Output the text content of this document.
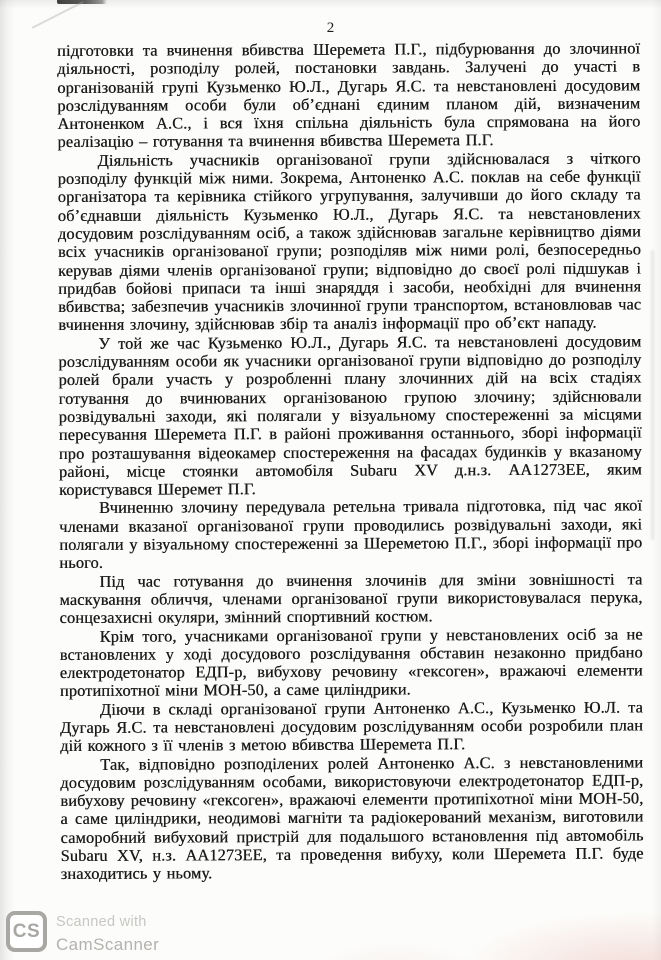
2
CS	Scanned with
CamScanner

підготовки та вчинення вбивства Шеремета П.Г., підбурювання до злочинної діяльності, розподілу ролей, постановки завдань. Залучені до участі в організованій групі Кузьменко Ю.Л., Дугарь Я.С. та невстановлені досудовим розслідуванням особи були об’єднані єдиним планом дій, визначеним Антоненком А.С., і вся їхня спільна діяльність була спрямована на його реалізацію – готування та вчинення вбивства Шеремета П.Г.

Діяльність учасників організованої групи здійснювалася з чіткого розподілу функцій між ними. Зокрема, Антоненко А.С. поклав на себе функції організатора та керівника стійкого угрупування, залучивши до його складу та об’єднавши діяльність Кузьменко Ю.Л., Дугарь Я.С. та невстановлених досудовим розслідуванням осіб, а також здійснював загальне керівництво діями всіх учасників організованої групи; розподіляв між ними ролі, безпосередньо керував діями членів організованої групи; відповідно до своєї ролі підшукав і придбав бойові припаси та інші знаряддя і засоби, необхідні для вчинення вбивства; забезпечив учасників злочинної групи транспортом, встановлював час вчинення злочину, здійснював збір та аналіз інформації про об’єкт нападу.

У той же час Кузьменко Ю.Л., Дугарь Я.С. та невстановлені досудовим розслідуванням особи як учасники організованої групи відповідно до розподілу ролей брали участь у розробленні плану злочинних дій на всіх стадіях готування до вчинюваних організованою групою злочину; здійснювали розвідувальні заходи, які полягали у візуальному спостереженні за місцями пересування Шеремета П.Г. в районі проживання останнього, зборі інформації про розташування відеокамер спостереження на фасадах будинків у вказаному районі, місце стоянки автомобіля Subaru XV д.н.з. АА1273ЕЕ, яким користувався Шеремет П.Г.

Вчиненню злочину передувала ретельна тривала підготовка, під час якої членами вказаної організованої групи проводились розвідувальні заходи, які полягали у візуальному спостереженні за Шереметою П.Г., зборі інформації про нього.

Під час готування до вчинення злочинів для зміни зовнішності та маскування обличчя, членами організованої групи використовувалася перука, сонцезахисні окуляри, змінний спортивний костюм.

Крім того, учасниками організованої групи у невстановлених осіб за не встановлених у ході досудового розслідування обставин незаконно придбано електродетонатор ЕДП-р, вибухову речовину «гексоген», вражаючі елементи протипіхотної міни МОН-50, а саме циліндрики.

Діючи в складі організованої групи Антоненко А.С., Кузьменко Ю.Л. та Дугарь Я.С. та невстановлені досудовим розслідуванням особи розробили план дій кожного з її членів з метою вбивства Шеремета П.Г.

Так, відповідно розподілених ролей Антоненко А.С. з невстановленими досудовим розслідуванням особами, використовуючи електродетонатор ЕДП-р, вибухову речовину «гексоген», вражаючі елементи протипіхотної міни МОН-50, а саме циліндрики, неодимові магніти та радіокерований механізм, виготовили саморобний вибуховий пристрій для подальшого встановлення під автомобіль Subaru XV, н.з. АА1273ЕЕ, та проведення вибуху, коли Шеремета П.Г. буде знаходитись у ньому.
